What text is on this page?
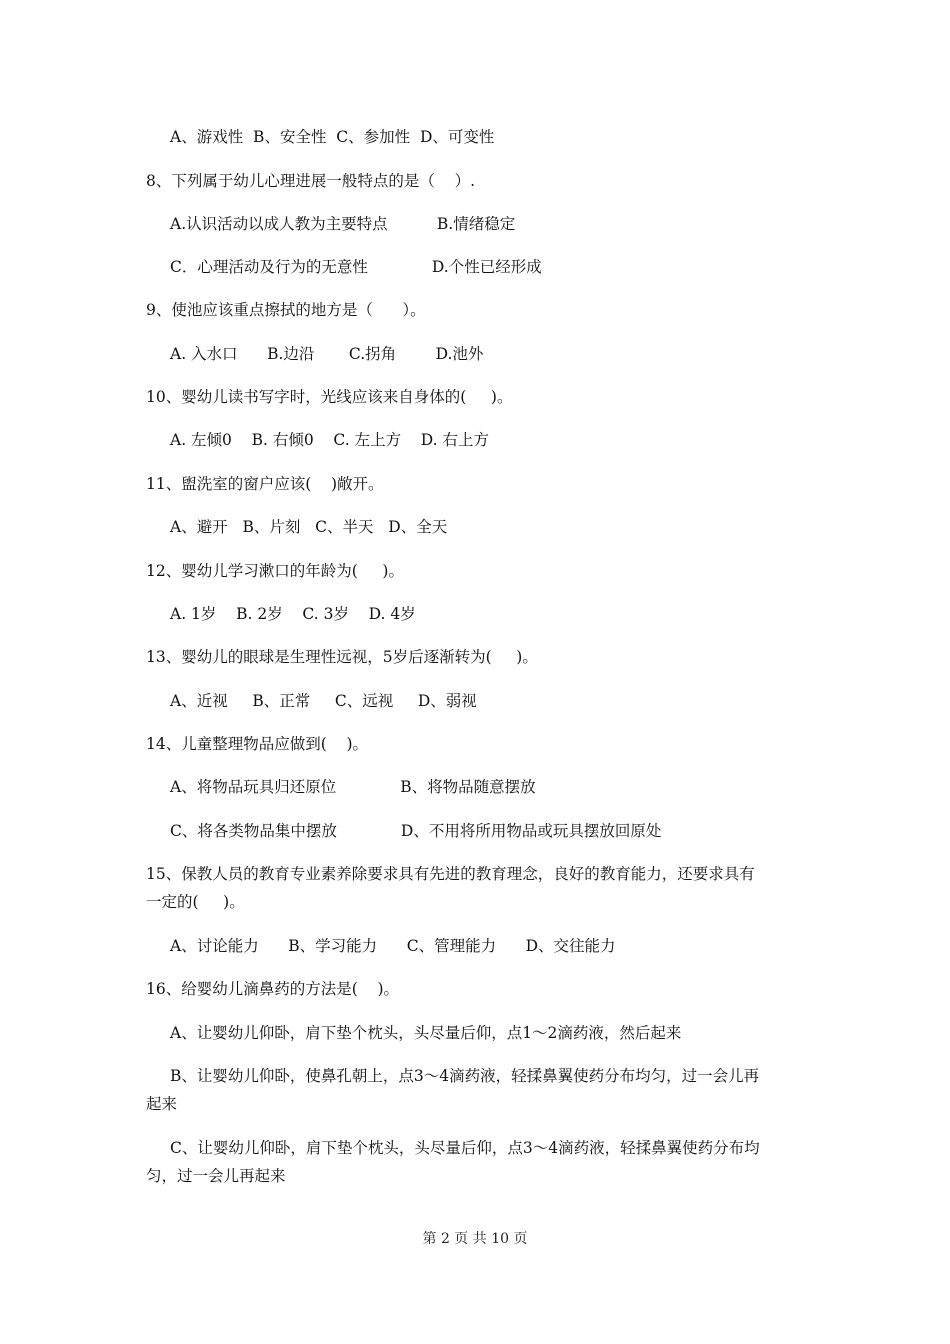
A、游戏性  B、安全性  C、参加性  D、可变性
8、下列属于幼儿心理进展一般特点的是（    ）.
A.认识活动以成人教为主要特点          B.情绪稳定
C．心理活动及行为的无意性             D.个性已经形成
9、使池应该重点擦拭的地方是（      ）。
A. 入水口      B.边沿       C.拐角        D.池外
10、婴幼儿读书写字时，光线应该来自身体的(     )。
A. 左倾0    B. 右倾0    C. 左上方    D. 右上方
11、盥洗室的窗户应该(    )敞开。
A、避开   B、片刻   C、半天   D、全天
12、婴幼儿学习漱口的年龄为(     )。
A. 1岁    B. 2岁    C. 3岁    D. 4岁
13、婴幼儿的眼球是生理性远视，5岁后逐渐转为(     )。
A、近视     B、正常     C、远视     D、弱视
14、儿童整理物品应做到(    )。
A、将物品玩具归还原位             B、将物品随意摆放
C、将各类物品集中摆放             D、不用将所用物品或玩具摆放回原处
15、保教人员的教育专业素养除要求具有先进的教育理念，良好的教育能力，还要求具有
一定的(     )。
A、讨论能力      B、学习能力      C、管理能力      D、交往能力
16、给婴幼儿滴鼻药的方法是(    )。
A、让婴幼儿仰卧，肩下垫个枕头，头尽量后仰，点1～2滴药液，然后起来
B、让婴幼儿仰卧，使鼻孔朝上，点3～4滴药液，轻揉鼻翼使药分布均匀，过一会儿再
起来
C、让婴幼儿仰卧，肩下垫个枕头，头尽量后仰，点3～4滴药液，轻揉鼻翼使药分布均
匀，过一会儿再起来
第 2 页 共 10 页
